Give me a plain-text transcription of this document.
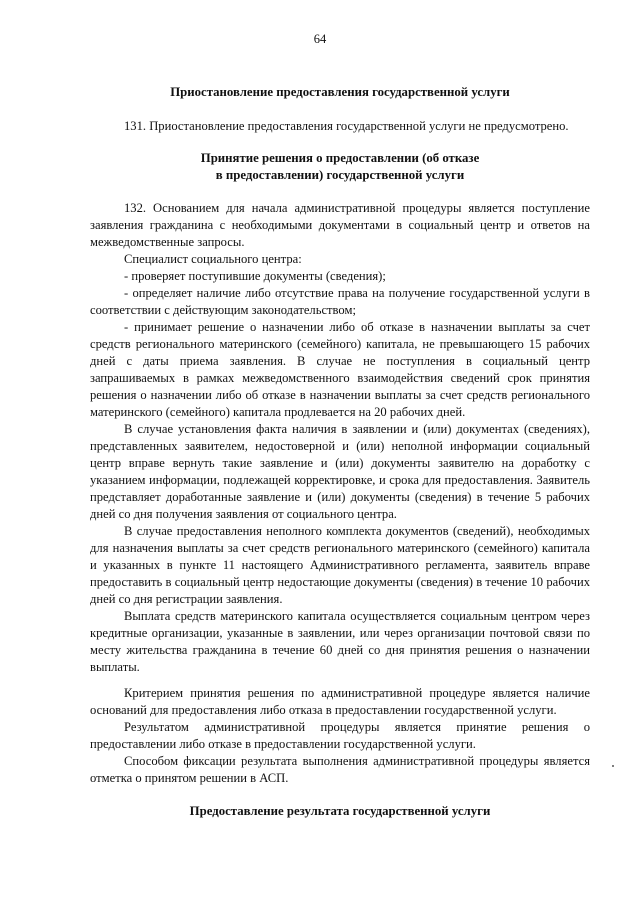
64
Приостановление предоставления государственной услуги

131. Приостановление предоставления государственной услуги не предусмотрено.

Принятие решения о предоставлении (об отказе
в предоставлении) государственной услуги

132. Основанием для начала административной процедуры является поступление заявления гражданина с необходимыми документами в социальный центр и ответов на межведомственные запросы.

Специалист социального центра:

- проверяет поступившие документы (сведения);

- определяет наличие либо отсутствие права на получение государственной услуги в соответствии с действующим законодательством;

- принимает решение о назначении либо об отказе в назначении выплаты за счет средств регионального материнского (семейного) капитала, не превышающего 15 рабочих дней с даты приема заявления. В случае не поступления в социальный центр запрашиваемых в рамках межведомственного взаимодействия сведений срок принятия решения о назначении либо об отказе в назначении выплаты за счет средств регионального материнского (семейного) капитала продлевается на 20 рабочих дней.

В случае установления факта наличия в заявлении и (или) документах (сведениях), представленных заявителем, недостоверной и (или) неполной информации социальный центр вправе вернуть такие заявление и (или) документы заявителю на доработку с указанием информации, подлежащей корректировке, и срока для предоставления. Заявитель представляет доработанные заявление и (или) документы (сведения) в течение 5 рабочих дней со дня получения заявления от социального центра.

В случае предоставления неполного комплекта документов (сведений), необходимых для назначения выплаты за счет средств регионального материнского (семейного) капитала и указанных в пункте 11 настоящего Административного регламента, заявитель вправе предоставить в социальный центр недостающие документы (сведения) в течение 10 рабочих дней со дня регистрации заявления.

Выплата средств материнского капитала осуществляется социальным центром через кредитные организации, указанные в заявлении, или через организации почтовой связи по месту жительства гражданина в течение 60 дней со дня принятия решения о назначении выплаты.

Критерием принятия решения по административной процедуре является наличие оснований для предоставления либо отказа в предоставлении государственной услуги.

Результатом административной процедуры является принятие решения о предоставлении либо отказе в предоставлении государственной услуги.

Способом фиксации результата выполнения административной процедуры является отметка о принятом решении в АСП.

Предоставление результата государственной услуги
